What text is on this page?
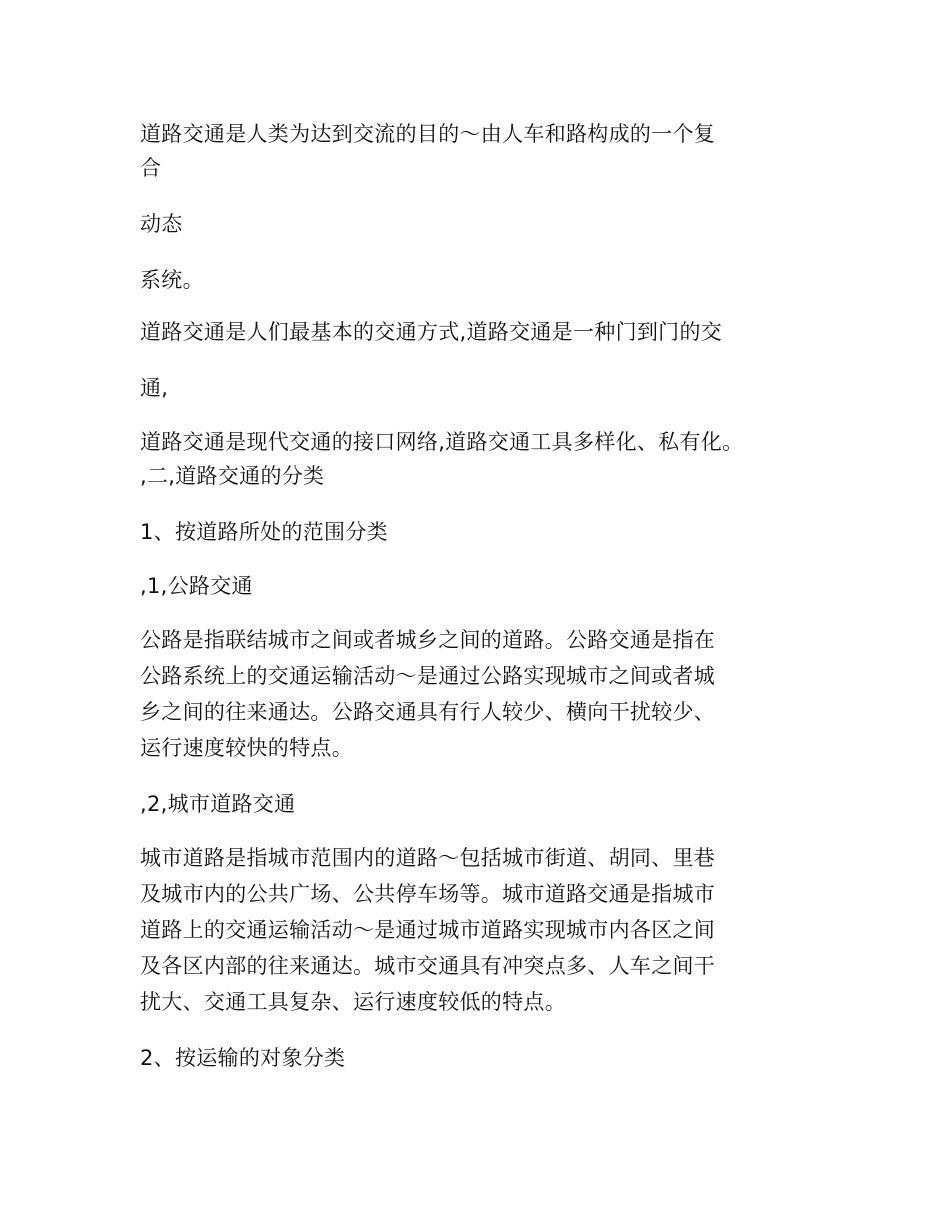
道路交通是人类为达到交流的目的～由人车和路构成的一个复
合
动态
系统。
道路交通是人们最基本的交通方式,道路交通是一种门到门的交
通,
道路交通是现代交通的接口网络,道路交通工具多样化、私有化。
,二,道路交通的分类
1、按道路所处的范围分类
,1,公路交通
公路是指联结城市之间或者城乡之间的道路。公路交通是指在
公路系统上的交通运输活动～是通过公路实现城市之间或者城
乡之间的往来通达。公路交通具有行人较少、横向干扰较少、
运行速度较快的特点。
,2,城市道路交通
城市道路是指城市范围内的道路～包括城市街道、胡同、里巷
及城市内的公共广场、公共停车场等。城市道路交通是指城市
道路上的交通运输活动～是通过城市道路实现城市内各区之间
及各区内部的往来通达。城市交通具有冲突点多、人车之间干
扰大、交通工具复杂、运行速度较低的特点。
2、按运输的对象分类
